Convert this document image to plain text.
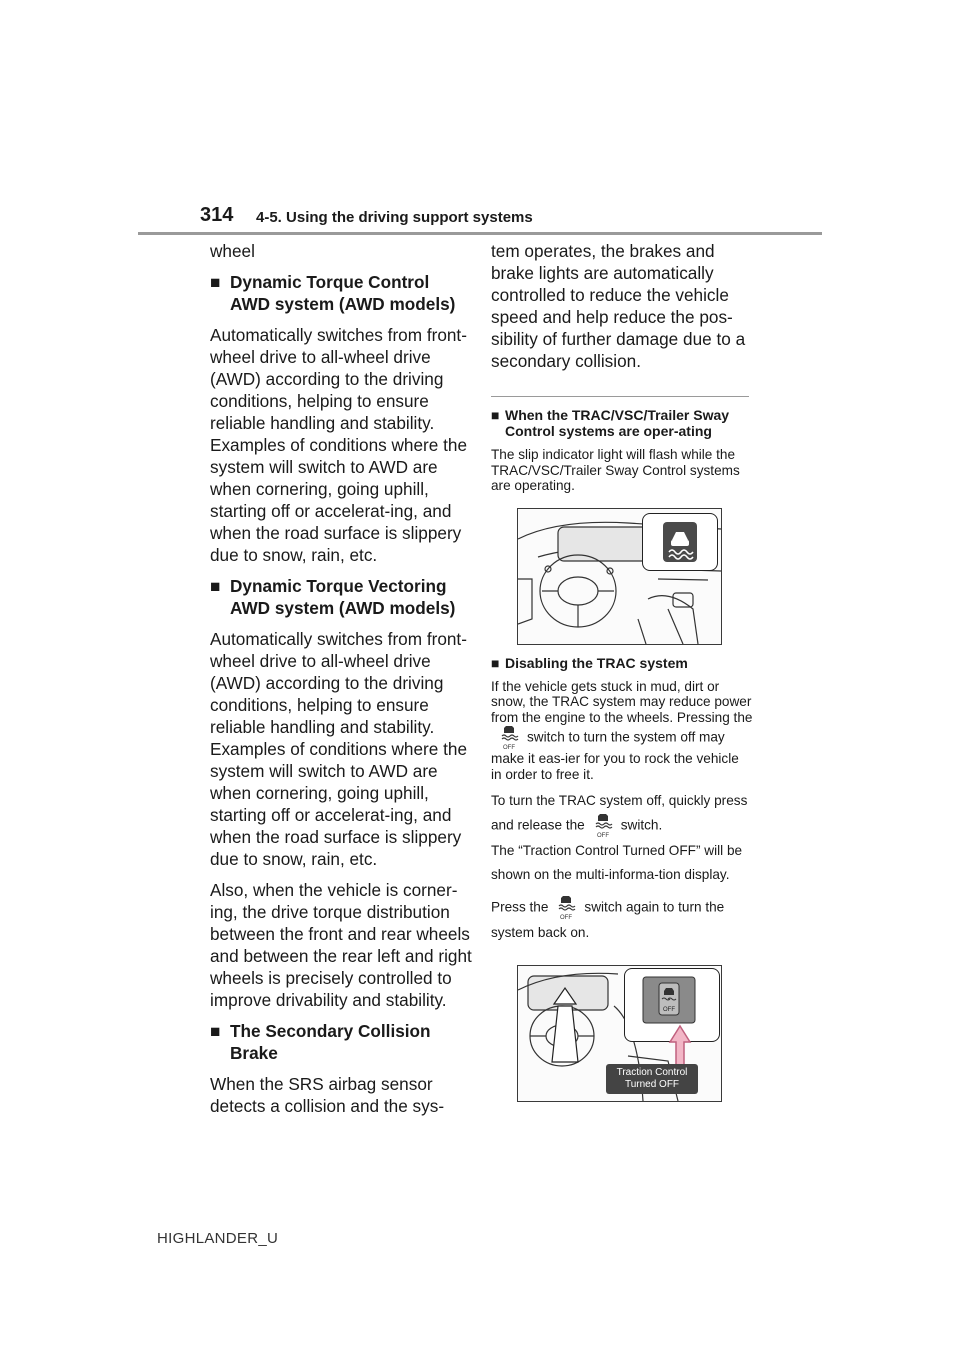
314 4-5. Using the driving support systems

wheel

■ Dynamic Torque Control AWD system (AWD models)

Automatically switches from front-wheel drive to all-wheel drive (AWD) according to the driving conditions, helping to ensure reliable handling and stability. Examples of conditions where the system will switch to AWD are when cornering, going uphill, starting off or accelerat-ing, and when the road surface is slippery due to snow, rain, etc.

■ Dynamic Torque Vectoring AWD system (AWD models)

Automatically switches from front-wheel drive to all-wheel drive (AWD) according to the driving conditions, helping to ensure reliable handling and stability. Examples of conditions where the system will switch to AWD are when cornering, going uphill, starting off or accelerat-ing, and when the road surface is slippery due to snow, rain, etc.

Also, when the vehicle is corner-ing, the drive torque distribution between the front and rear wheels and between the rear left and right wheels is precisely controlled to improve drivability and stability.

■ The Secondary Collision Brake

When the SRS airbag sensor detects a collision and the sys-

tem operates, the brakes and brake lights are automatically controlled to reduce the vehicle speed and help reduce the pos-sibility of further damage due to a secondary collision.

■ When the TRAC/VSC/Trailer Sway Control systems are oper-ating

The slip indicator light will flash while the TRAC/VSC/Trailer Sway Control systems are operating.

■ Disabling the TRAC system

If the vehicle gets stuck in mud, dirt or snow, the TRAC system may reduce power from the engine to the wheels. Pressing the
OFF
switch to turn the system off may make it eas-ier for you to rock the vehicle in order to free it.

To turn the TRAC system off, quickly press and release the
OFF
switch.

The “Traction Control Turned OFF” will be shown on the multi-informa-tion display.

Press the
OFF
switch again to turn the system back on.

OFF
Traction Control
Turned OFF
HIGHLANDER_U
